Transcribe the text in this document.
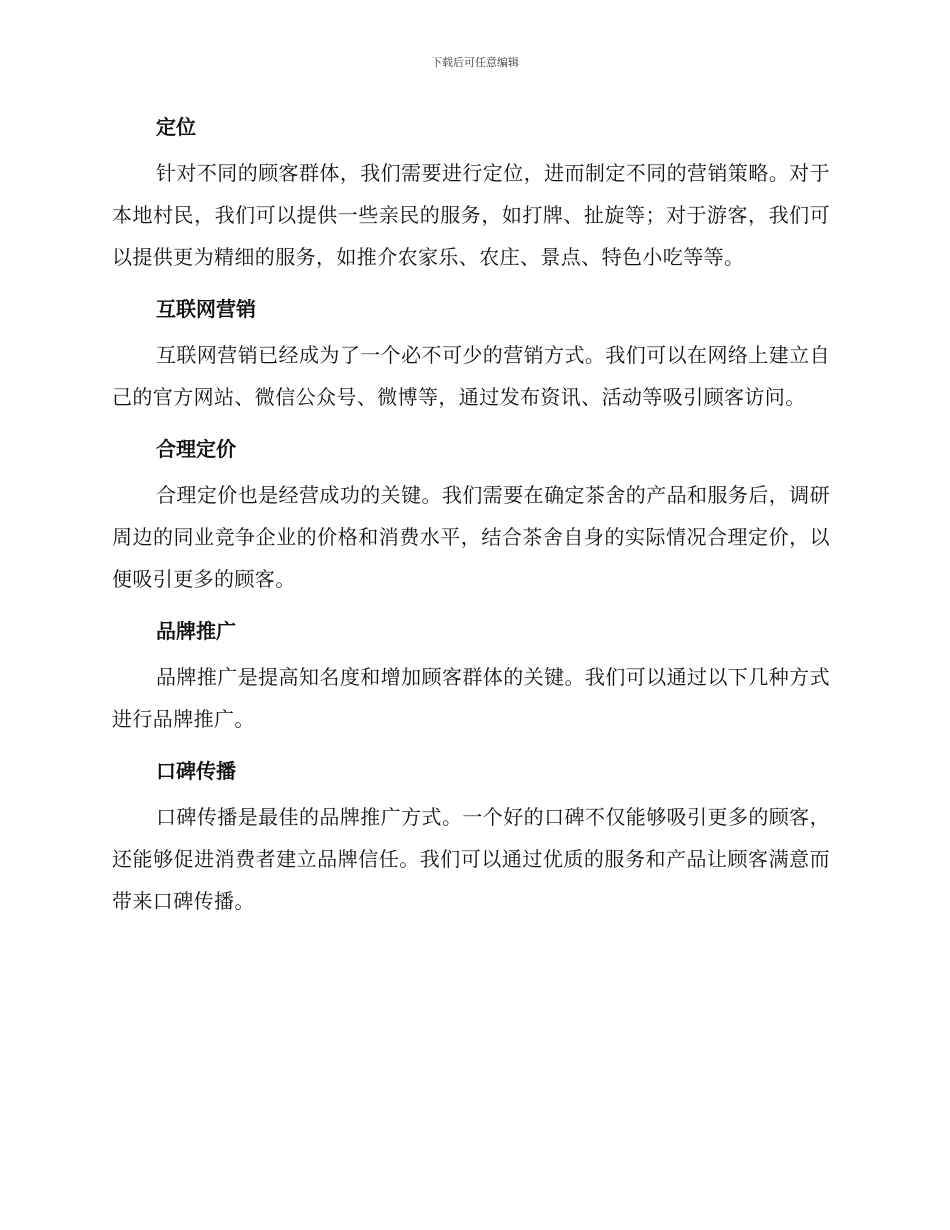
下载后可任意编辑
定位

针对不同的顾客群体，我们需要进行定位，进而制定不同的营销策略。对于本地村民，我们可以提供一些亲民的服务，如打牌、扯旋等；对于游客，我们可以提供更为精细的服务，如推介农家乐、农庄、景点、特色小吃等等。

互联网营销

互联网营销已经成为了一个必不可少的营销方式。我们可以在网络上建立自己的官方网站、微信公众号、微博等，通过发布资讯、活动等吸引顾客访问。

合理定价

合理定价也是经营成功的关键。我们需要在确定茶舍的产品和服务后，调研周边的同业竞争企业的价格和消费水平，结合茶舍自身的实际情况合理定价，以便吸引更多的顾客。

品牌推广

品牌推广是提高知名度和增加顾客群体的关键。我们可以通过以下几种方式进行品牌推广。

口碑传播

口碑传播是最佳的品牌推广方式。一个好的口碑不仅能够吸引更多的顾客，还能够促进消费者建立品牌信任。我们可以通过优质的服务和产品让顾客满意而带来口碑传播。
